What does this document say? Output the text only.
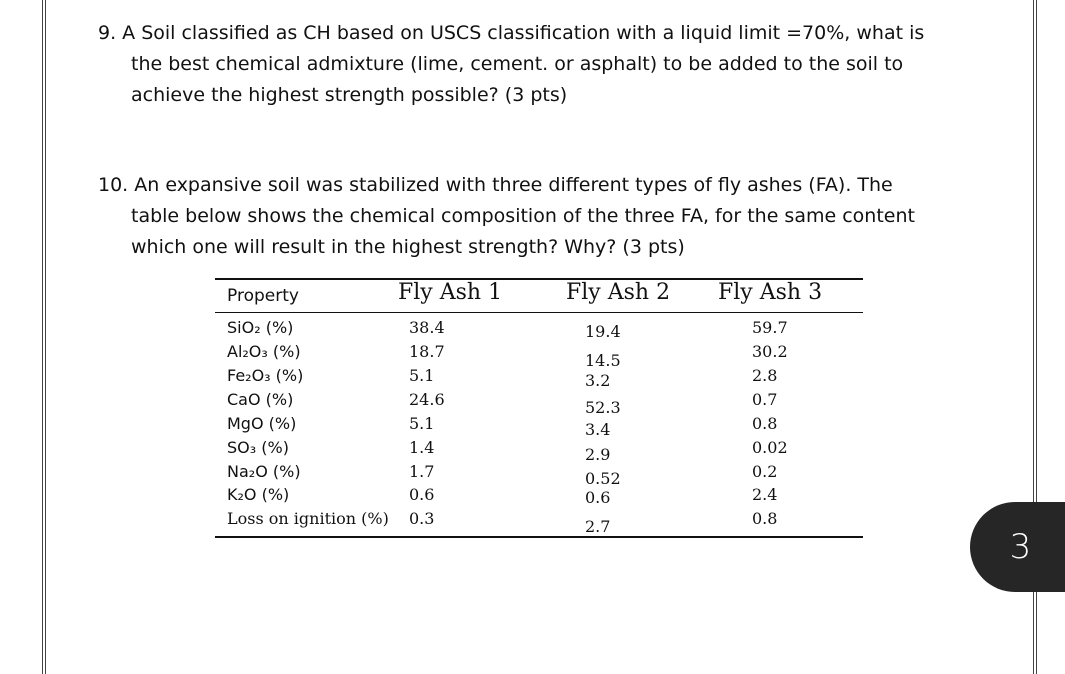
9. A Soil classified as CH based on USCS classification with a liquid limit =70%, what is
the best chemical admixture (lime, cement. or asphalt) to be added to the soil to
achieve the highest strength possible? (3 pts)
10. An expansive soil was stabilized with three different types of fly ashes (FA). The
table below shows the chemical composition of the three FA, for the same content
which one will result in the highest strength? Why? (3 pts)
Property	Fly Ash 1	Fly Ash 2 Fly Ash 3
SiO₂ (%)	38.4	19.4	59.7
Al₂O₃ (%)	18.7	14.5	30.2
Fe₂O₃ (%)	5.1	3.2	2.8
CaO (%)	24.6	52.3	0.7
MgO (%)	5.1	3.4	0.8
SO₃ (%)	1.4	2.9	0.02
Na₂O (%)	1.7	0.52	0.2
K₂O (%)	0.6	0.6	2.4
Loss on ignition (%) 0.3	2.7	0.8
3
